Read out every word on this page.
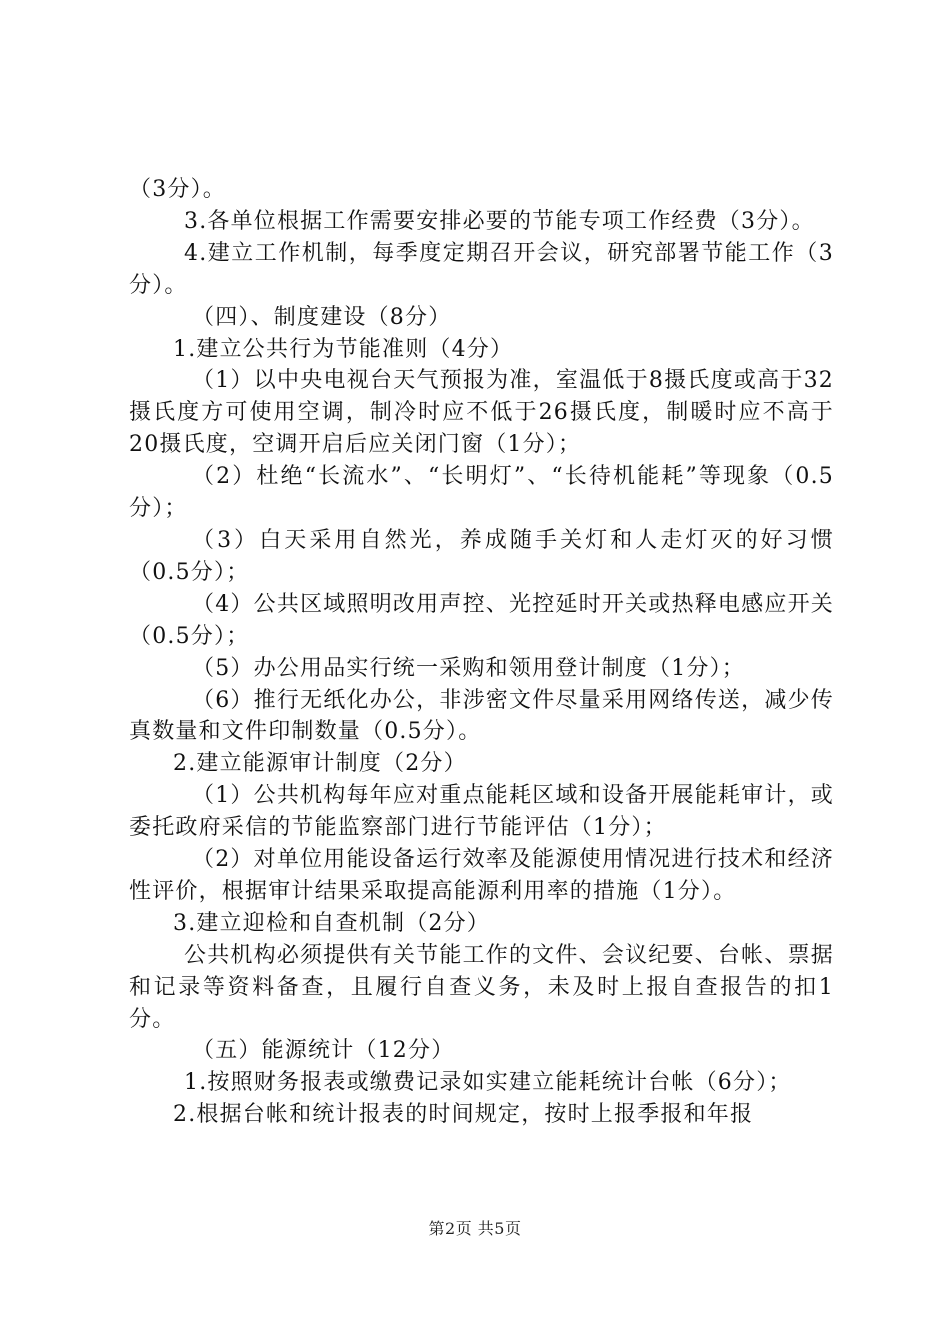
（3分）。

3.各单位根据工作需要安排必要的节能专项工作经费（3分）。

4.建立工作机制，每季度定期召开会议，研究部署节能工作（3分）。

（四）、制度建设（8分）

1.建立公共行为节能准则（4分）

（1）以中央电视台天气预报为准，室温低于8摄氏度或高于32摄氏度方可使用空调，制冷时应不低于26摄氏度，制暖时应不高于20摄氏度，空调开启后应关闭门窗（1分）；

（2）杜绝“长流水”、“长明灯”、“长待机能耗”等现象（0.5分）；

（3）白天采用自然光，养成随手关灯和人走灯灭的好习惯（0.5分）；

（4）公共区域照明改用声控、光控延时开关或热释电感应开关（0.5分）；

（5）办公用品实行统一采购和领用登计制度（1分）；

（6）推行无纸化办公，非涉密文件尽量采用网络传送，减少传真数量和文件印制数量（0.5分）。

2.建立能源审计制度（2分）

（1）公共机构每年应对重点能耗区域和设备开展能耗审计，或委托政府采信的节能监察部门进行节能评估（1分）；

（2）对单位用能设备运行效率及能源使用情况进行技术和经济性评价，根据审计结果采取提高能源利用率的措施（1分）。

3.建立迎检和自查机制（2分）

公共机构必须提供有关节能工作的文件、会议纪要、台帐、票据和记录等资料备查，且履行自查义务，未及时上报自查报告的扣1分。

（五）能源统计（12分）

1.按照财务报表或缴费记录如实建立能耗统计台帐（6分）；

2.根据台帐和统计报表的时间规定，按时上报季报和年报

第2页 共5页
